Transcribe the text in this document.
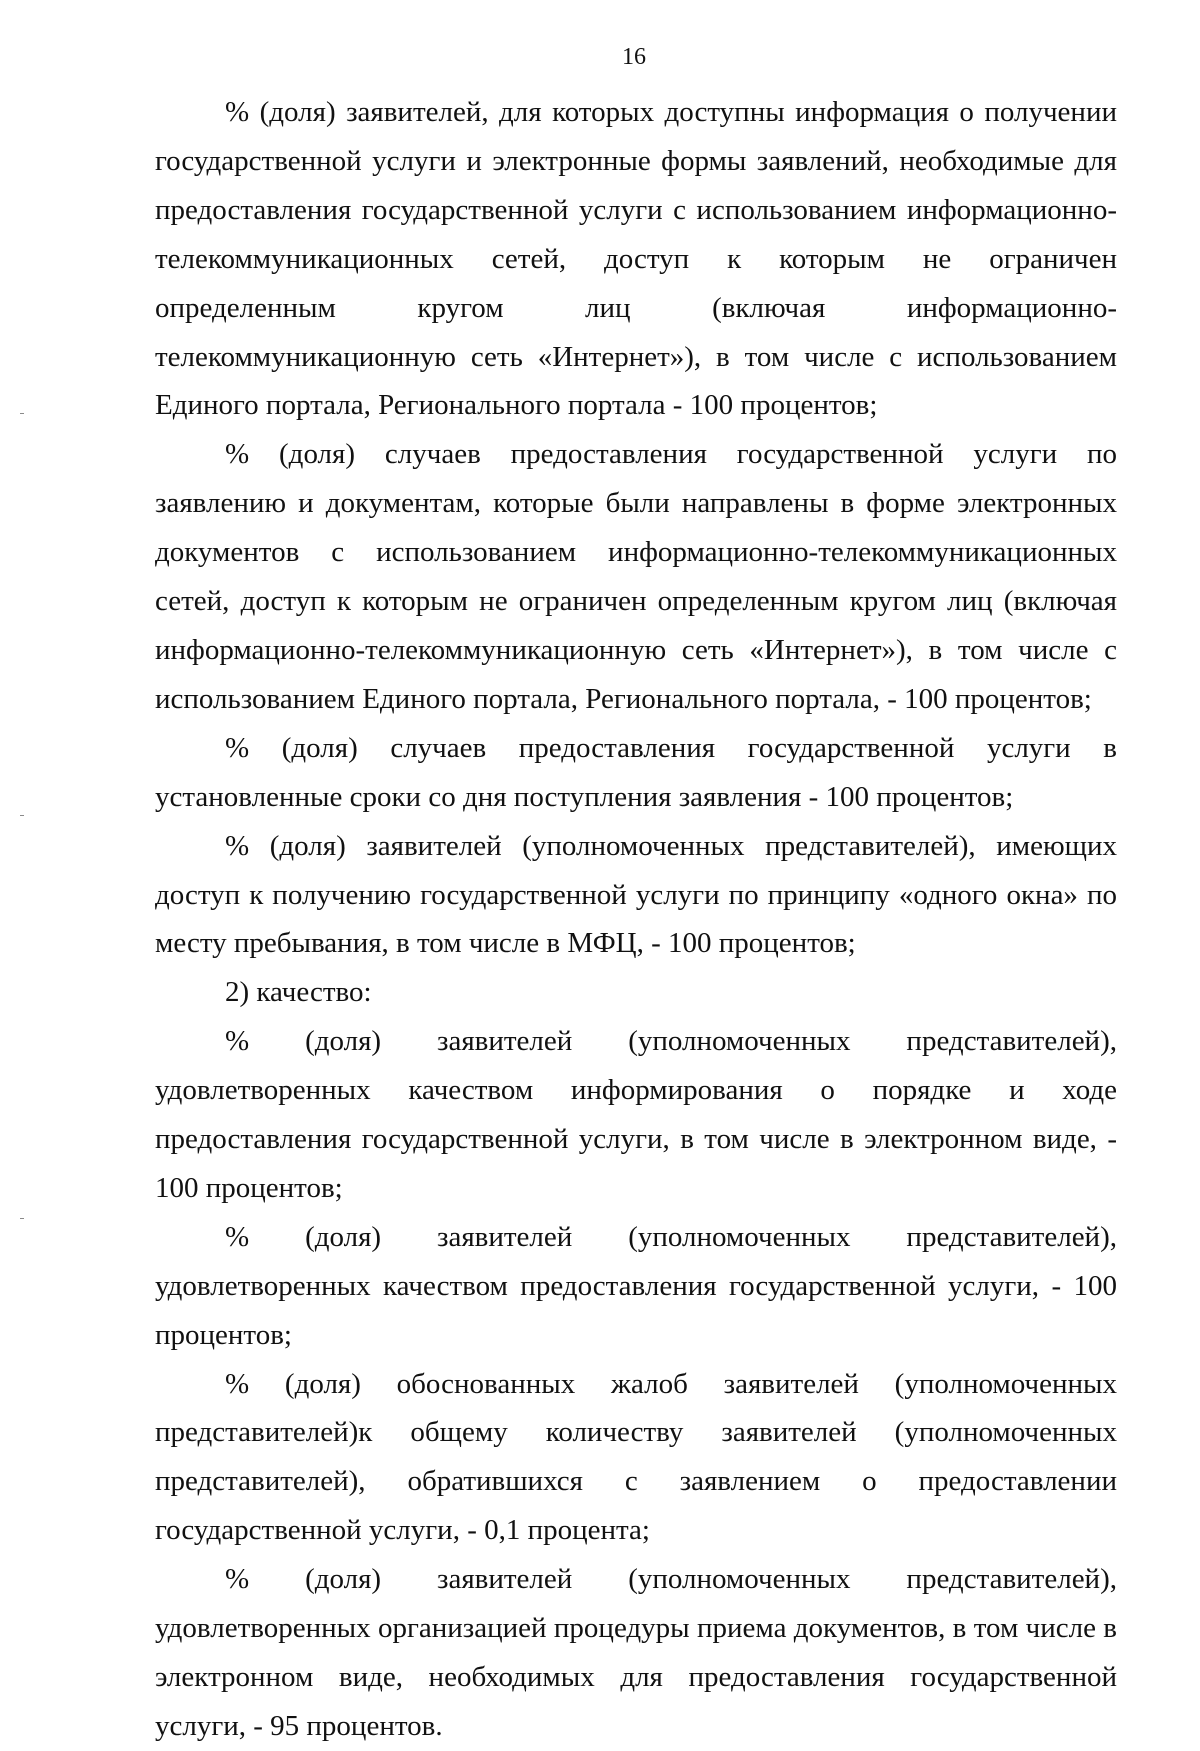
16

% (доля) заявителей, для которых доступны информация о получении государственной услуги и электронные формы заявлений, необходимые для предоставления государственной услуги с использованием информационно-телекоммуникационных сетей, доступ к которым не ограничен определенным кругом лиц (включая информационно-телекоммуникационную сеть «Интернет»), в том числе с использованием Единого портала, Регионального портала - 100 процентов;

% (доля) случаев предоставления государственной услуги по заявлению и документам, которые были направлены в форме электронных документов с использованием информационно-телекоммуникационных сетей, доступ к которым не ограничен определенным кругом лиц (включая информационно-телекоммуникационную сеть «Интернет»), в том числе с использованием Единого портала, Регионального портала, - 100 процентов;

% (доля) случаев предоставления государственной услуги в установленные сроки со дня поступления заявления - 100 процентов;

% (доля) заявителей (уполномоченных представителей), имеющих доступ к получению государственной услуги по принципу «одного окна» по месту пребывания, в том числе в МФЦ, - 100 процентов;

2) качество:

% (доля) заявителей (уполномоченных представителей), удовлетворенных качеством информирования о порядке и ходе предоставления государственной услуги, в том числе в электронном виде, - 100 процентов;

% (доля) заявителей (уполномоченных представителей), удовлетворенных качеством предоставления государственной услуги, - 100 процентов;

% (доля) обоснованных жалоб заявителей (уполномоченных представителей)к общему количеству заявителей (уполномоченных представителей), обратившихся с заявлением о предоставлении государственной услуги, - 0,1 процента;

% (доля) заявителей (уполномоченных представителей), удовлетворенных организацией процедуры приема документов, в том числе в электронном виде, необходимых для предоставления государственной услуги, - 95 процентов.
